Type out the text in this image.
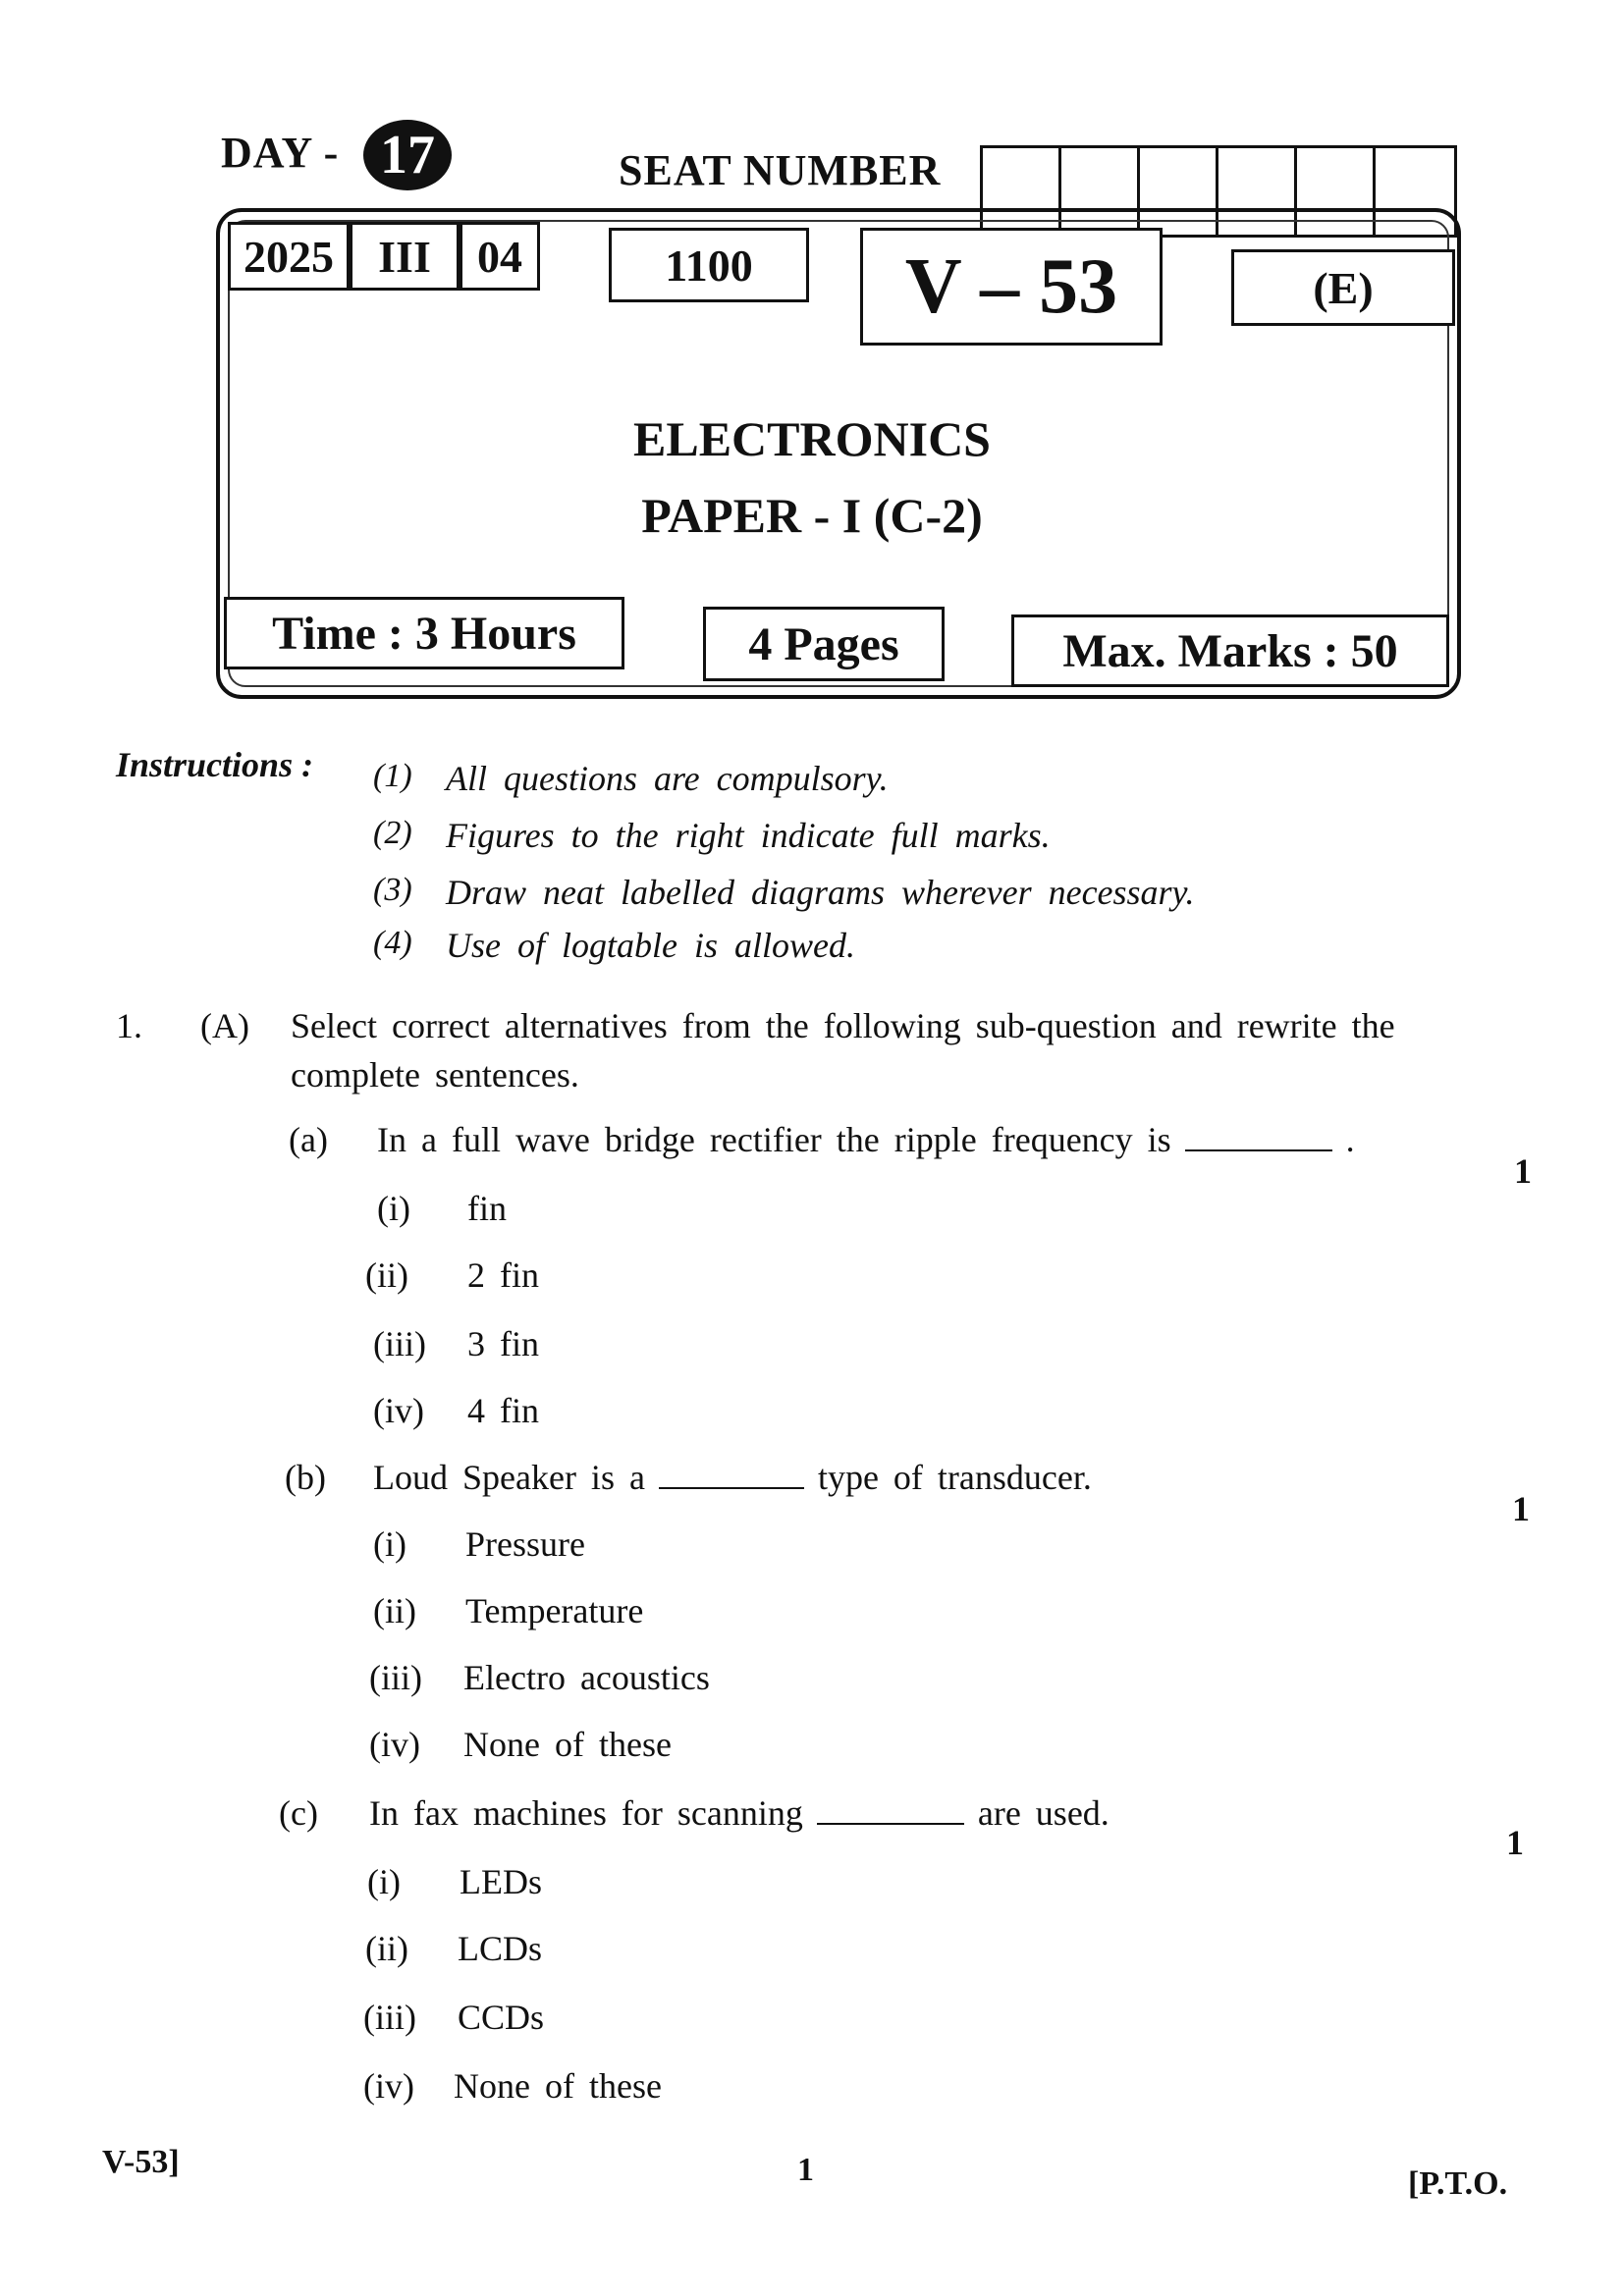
DAY - 17	SEAT NUMBER
2025 III	04	1100	V – 53	(E)
ELECTRONICS
PAPER - I (C-2)
Time : 3 Hours	4 Pages	Max. Marks : 50
Instructions : (1) All questions are compulsory.
(2) Figures to the right indicate full marks.
(3) Draw neat labelled diagrams wherever necessary.
(4) Use of logtable is allowed.
1. (A) Select correct alternatives from the following sub-question and rewrite the
complete sentences.
(a) In a full wave bridge rectifier the ripple frequency is	.
1
(i) fin
(ii) 2 fin
(iii) 3 fin
(iv) 4 fin
(b) Loud Speaker is a	type of transducer.
1
(i) Pressure
(ii) Temperature
(iii) Electro acoustics
(iv) None of these
(c) In fax machines for scanning	are used.
1
(i) LEDs
(ii) LCDs
(iii) CCDs
(iv) None of these
V-53]	1	[P.T.O.
